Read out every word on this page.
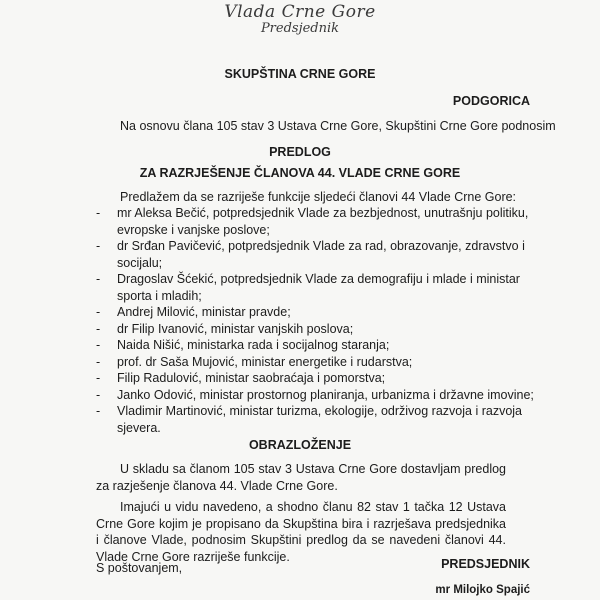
Vlada Crne Gore
Predsjednik
SKUPŠTINA CRNE GORE
PODGORICA
Na osnovu člana 105 stav 3 Ustava Crne Gore, Skupštini Crne Gore podnosim
PREDLOG
ZA RAZRJEŠENJE ČLANOVA 44. VLADE CRNE GORE
Predlažem da se razriješe funkcije sljedeći članovi 44 Vlade Crne Gore:
- mr Aleksa Bečić, potpredsjednik Vlade za bezbjednost, unutrašnju politiku,
evropske i vanjske poslove;
- dr Srđan Pavičević, potpredsjednik Vlade za rad, obrazovanje, zdravstvo i
socijalu;
- Dragoslav Šćekić, potpredsjednik Vlade za demografiju i mlade i ministar
sporta i mladih;
- Andrej Milović, ministar pravde;
- dr Filip Ivanović, ministar vanjskih poslova;
- Naida Nišić, ministarka rada i socijalnog staranja;
- prof. dr Saša Mujović, ministar energetike i rudarstva;
- Filip Radulović, ministar saobraćaja i pomorstva;
- Janko Odović, ministar prostornog planiranja, urbanizma i državne imovine;
- Vladimir Martinović, ministar turizma, ekologije, održivog razvoja i razvoja
sjevera.
OBRAZLOŽENJE
U skladu sa članom 105 stav 3 Ustava Crne Gore dostavljam predlog za razjеšenje članova 44. Vlade Crne Gore.
Imajući u vidu navedeno, a shodno članu 82 stav 1 tačka 12 Ustava Crne Gore kojim je propisano da Skupština bira i razrješava predsjednika i članove Vlade, podnosim Skupštini predlog da se navedeni članovi 44. Vlade Crne Gore razriješe funkcije.
S poštovanjem,	PREDSJEDNIK
mr Milojko Spajić
